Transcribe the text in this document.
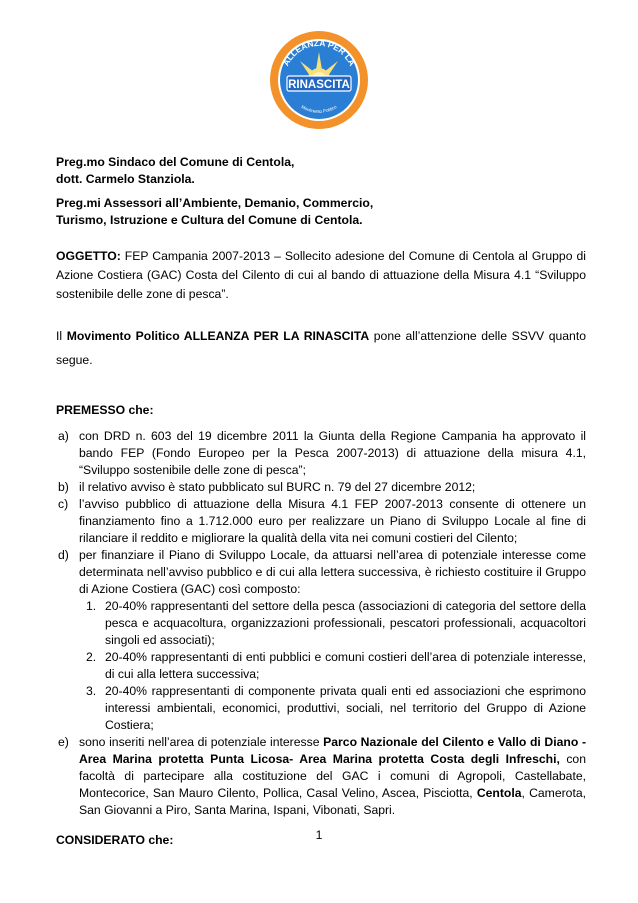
ALLEANZA PER LA
RINASCITA
Movimento Politico
Preg.mo Sindaco del Comune di Centola,
dott. Carmelo Stanziola.
Preg.mi Assessori all’Ambiente, Demanio, Commercio,
Turismo, Istruzione e Cultura del Comune di Centola.

OGGETTO: FEP Campania 2007-2013 – Sollecito adesione del Comune di Centola al Gruppo di Azione Costiera (GAC) Costa del Cilento di cui al bando di attuazione della Misura 4.1 “Sviluppo sostenibile delle zone di pesca”.

Il Movimento Politico ALLEANZA PER LA RINASCITA pone all’attenzione delle SSVV quanto segue.

PREMESSO che:

a) con DRD n. 603 del 19 dicembre 2011 la Giunta della Regione Campania ha approvato il bando FEP (Fondo Europeo per la Pesca 2007-2013) di attuazione della misura 4.1, “Sviluppo sostenibile delle zone di pesca”;
b) il relativo avviso è stato pubblicato sul BURC n. 79 del 27 dicembre 2012;
c) l’avviso pubblico di attuazione della Misura 4.1 FEP 2007-2013 consente di ottenere un finanziamento fino a 1.712.000 euro per realizzare un Piano di Sviluppo Locale al fine di rilanciare il reddito e migliorare la qualità della vita nei comuni costieri del Cilento;
d) per finanziare il Piano di Sviluppo Locale, da attuarsi nell’area di potenziale interesse come determinata nell’avviso pubblico e di cui alla lettera successiva, è richiesto costituire il Gruppo di Azione Costiera (GAC) così composto:
1. 20-40% rappresentanti del settore della pesca (associazioni di categoria del settore della pesca e acquacoltura, organizzazioni professionali, pescatori professionali, acquacoltori singoli ed associati);
2. 20-40% rappresentanti di enti pubblici e comuni costieri dell’area di potenziale interesse, di cui alla lettera successiva;
3. 20-40% rappresentanti di componente privata quali enti ed associazioni che esprimono interessi ambientali, economici, produttivi, sociali, nel territorio del Gruppo di Azione Costiera;
e) sono inseriti nell’area di potenziale interesse Parco Nazionale del Cilento e Vallo di Diano - Area Marina protetta Punta Licosa- Area Marina protetta Costa degli Infreschi, con facoltà di partecipare alla costituzione del GAC i comuni di Agropoli, Castellabate, Montecorice, San Mauro Cilento, Pollica, Casal Velino, Ascea, Pisciotta, Centola, Camerota, San Giovanni a Piro, Santa Marina, Ispani, Vibonati, Sapri.

CONSIDERATO che:	1
